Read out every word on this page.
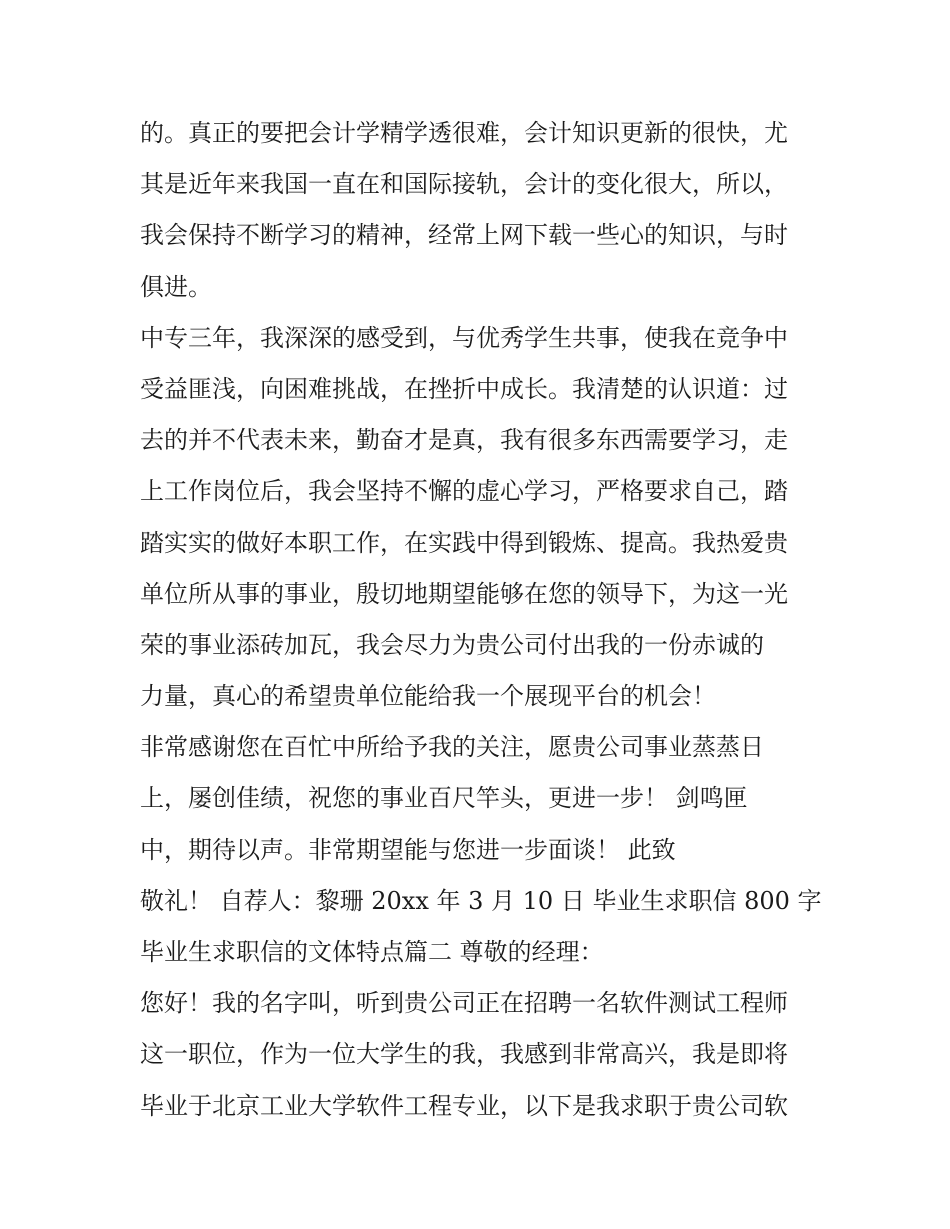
的。真正的要把会计学精学透很难，会计知识更新的很快，尤
其是近年来我国一直在和国际接轨，会计的变化很大，所以，
我会保持不断学习的精神，经常上网下载一些心的知识，与时
俱进。
中专三年，我深深的感受到，与优秀学生共事，使我在竞争中
受益匪浅，向困难挑战，在挫折中成长。我清楚的认识道：过
去的并不代表未来，勤奋才是真，我有很多东西需要学习，走
上工作岗位后，我会坚持不懈的虚心学习，严格要求自己，踏
踏实实的做好本职工作，在实践中得到锻炼、提高。我热爱贵
单位所从事的事业，殷切地期望能够在您的领导下，为这一光
荣的事业添砖加瓦，我会尽力为贵公司付出我的一份赤诚的
力量，真心的希望贵单位能给我一个展现平台的机会！
非常感谢您在百忙中所给予我的关注，愿贵公司事业蒸蒸日
上，屡创佳绩，祝您的事业百尺竿头，更进一步！ 剑鸣匣
中，期待以声。非常期望能与您进一步面谈！ 此致
敬礼！ 自荐人：黎珊 20xx 年 3 月 10 日 毕业生求职信 800 字
毕业生求职信的文体特点篇二 尊敬的经理：
您好！我的名字叫，听到贵公司正在招聘一名软件测试工程师
这一职位，作为一位大学生的我，我感到非常高兴，我是即将
毕业于北京工业大学软件工程专业，以下是我求职于贵公司软
